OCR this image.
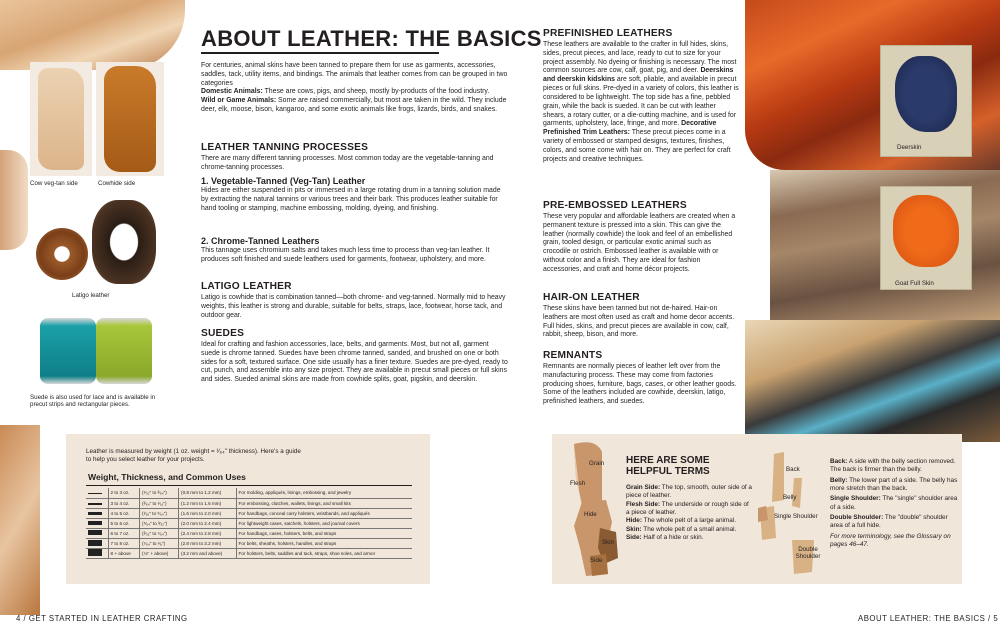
Cow veg-tan side	Cowhide side
Latigo leather
Suede is also used for lace and is available in precut strips and rectangular pieces.
ABOUT LEATHER: THE BASICS
For centuries, animal skins have been tanned to prepare them for use as garments, accessories, saddles, tack, utility items, and bindings. The animals that leather comes from can be grouped in two categories
Domestic Animals: These are cows, pigs, and sheep, mostly by-products of the food industry.
Wild or Game Animals: Some are raised commercially, but most are taken in the wild. They include deer, elk, moose, bison, kangaroo, and some exotic animals like frogs, lizards, birds, and snakes.
LEATHER TANNING PROCESSES
There are many different tanning processes. Most common today are the vegetable-tanning and chrome-tanning processes.
1. Vegetable-Tanned (Veg-Tan) Leather
Hides are either suspended in pits or immersed in a large rotating drum in a tanning solution made by extracting the natural tannins or various trees and their bark. This produces leather suitable for hand tooling or stamping, machine embossing, molding, dyeing, and finishing.
2. Chrome-Tanned Leathers
This tannage uses chromium salts and takes much less time to process than veg-tan leather. It produces soft finished and suede leathers used for garments, footwear, upholstery, and more.
LATIGO LEATHER
Latigo is cowhide that is combination tanned—both chrome- and veg-tanned. Normally mid to heavy weights, this leather is strong and durable, suitable for belts, straps, lace, footwear, horse tack, and outdoor gear.
SUEDES
Ideal for crafting and fashion accessories, lace, belts, and garments. Most, but not all, garment suede is chrome tanned. Suedes have been chrome tanned, sanded, and brushed on one or both sides for a soft, textured surface. One side usually has a finer texture. Suedes are pre-dyed, ready to cut, punch, and assemble into any size project. They are available in precut small pieces or full skins and sides. Sueded animal skins are made from cowhide splits, goat, pigskin, and deerskin.
Leather is measured by weight (1 oz. weight = ¹⁄₆₄" thickness). Here's a guide to help you select leather for your projects.
Weight, Thickness, and Common Uses
	2 to 3 oz.	(¹⁄₃₂" to ³⁄₆₄")	(0.8 mm to 1.2 mm)	For molding, appliqués, linings, embossing, and jewelry
	3 to 4 oz.	(³⁄₆₄" to ¹⁄₁₆")	(1.2 mm to 1.6 mm)	For embossing, clutches, wallets, linings, and small kits
	4 to 5 oz.	(¹⁄₁₆" to ⁵⁄₆₄")	(1.6 mm to 2.0 mm)	For handbags, conceal carry holsters, wristbands, and appliqués
	5 to 6 oz.	(⁵⁄₆₄" to ³⁄₃₂")	(2.0 mm to 2.4 mm)	For lightweight cases, satchels, holsters, and journal covers
	6 to 7 oz.	(³⁄₃₂" to ⁷⁄₆₄")	(2.4 mm to 2.8 mm)	For handbags, cases, holsters, belts, and straps
	7 to 8 oz.	(⁷⁄₆₄" to ¹⁄₈")	(2.8 mm to 3.2 mm)	For belts, sheaths, holsters, handles, and straps
	8 + above	(⅛" + above)	(3.2 mm and above)	For holsters, belts, saddles and tack, straps, shoe soles, and armor
4 / GET STARTED IN LEATHER CRAFTING
PREFINISHED LEATHERS
These leathers are available to the crafter in full hides, skins, sides, precut pieces, and lace, ready to cut to size for your project assembly. No dyeing or finishing is necessary. The most common sources are cow, calf, goat, pig, and deer. Deerskins and deerskin kidskins are soft, pliable, and available in precut pieces or full skins. Pre-dyed in a variety of colors, this leather is considered to be lightweight. The top side has a fine, pebbled grain, while the back is sueded. It can be cut with leather shears, a rotary cutter, or a die-cutting machine, and is used for garments, upholstery, lace, fringe, and more. Decorative Prefinished Trim Leathers: These precut pieces come in a variety of embossed or stamped designs, textures, finishes, colors, and some come with hair on. They are perfect for craft projects and creative techniques.
PRE-EMBOSSED LEATHERS
These very popular and affordable leathers are created when a permanent texture is pressed into a skin. This can give the leather (normally cowhide) the look and feel of an embellished grain, tooled design, or particular exotic animal such as crocodile or ostrich. Embossed leather is available with or without color and a finish. They are ideal for fashion accessories, and craft and home décor projects.
HAIR-ON LEATHER
These skins have been tanned but not de-haired. Hair-on leathers are most often used as craft and home decor accents. Full hides, skins, and precut pieces are available in cow, calf, rabbit, sheep, bison, and more.
REMNANTS
Remnants are normally pieces of leather left over from the manufacturing process. These may come from factories producing shoes, furniture, bags, cases, or other leather goods. Some of the leathers included are cowhide, deerskin, latigo, prefinished leathers, and suedes.
Deerskin
Goat Full Skin
Grain
Flesh
Hide
Skin
Side
HERE ARE SOME
HELPFUL TERMS
Grain Side: The top, smooth, outer side of a piece of leather.
Flesh Side: The underside or rough side of a piece of leather.
Hide: The whole pelt of a large animal.
Skin: The whole pelt of a small animal.
Side: Half of a hide or skin.
Back
Belly
Single Shoulder
Double Shoulder
Back: A side with the belly section removed. The back is firmer than the belly.
Belly: The lower part of a side. The belly has more stretch than the back.
Single Shoulder: The "single" shoulder area of a side.
Double Shoulder: The "double" shoulder area of a full hide.
For more terminology, see the Glossary on pages 46–47.
ABOUT LEATHER: THE BASICS / 5
